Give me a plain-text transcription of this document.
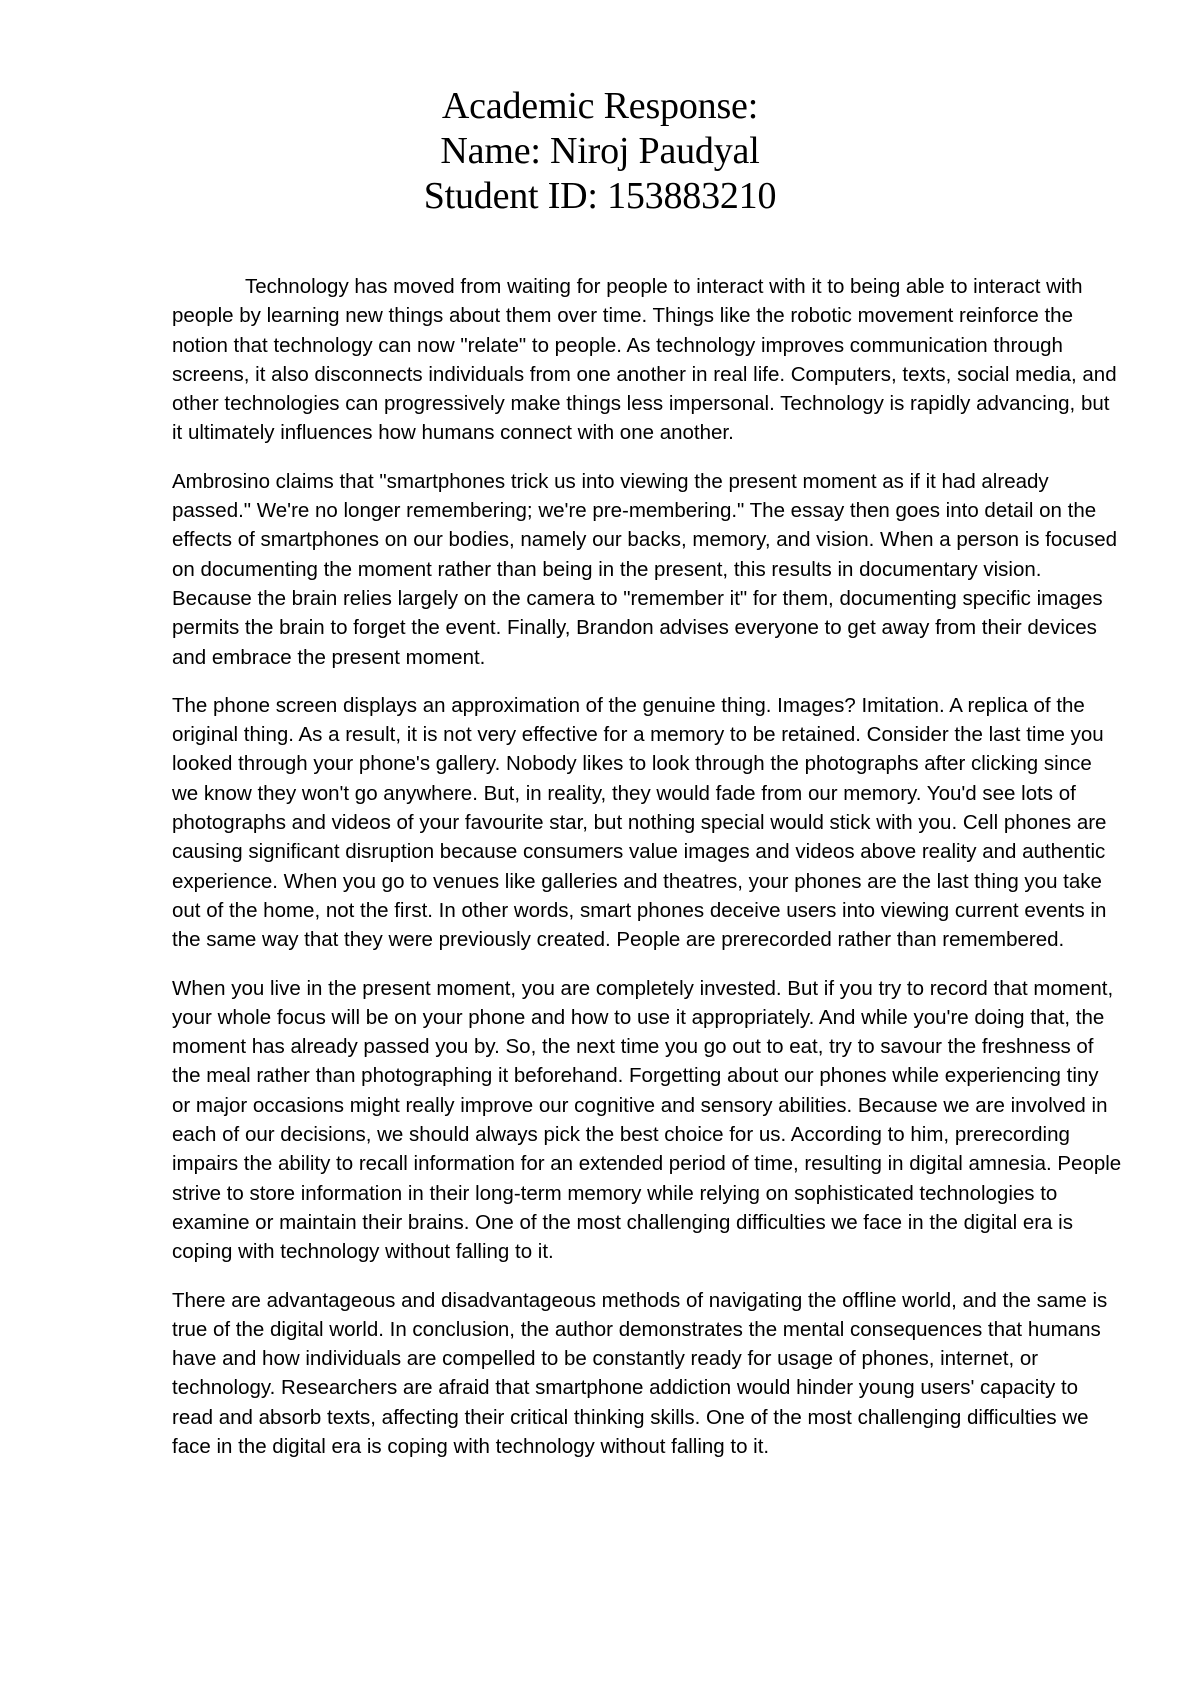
Academic Response:
Name: Niroj Paudyal
Student ID: 153883210

Technology has moved from waiting for people to interact with it to being able to interact with people by learning new things about them over time. Things like the robotic movement reinforce the notion that technology can now "relate" to people. As technology improves communication through screens, it also disconnects individuals from one another in real life. Computers, texts, social media, and other technologies can progressively make things less impersonal. Technology is rapidly advancing, but it ultimately influences how humans connect with one another.

Ambrosino claims that "smartphones trick us into viewing the present moment as if it had already passed." We're no longer remembering; we're pre-membering." The essay then goes into detail on the effects of smartphones on our bodies, namely our backs, memory, and vision. When a person is focused on documenting the moment rather than being in the present, this results in documentary vision. Because the brain relies largely on the camera to "remember it" for them, documenting specific images permits the brain to forget the event. Finally, Brandon advises everyone to get away from their devices and embrace the present moment.

The phone screen displays an approximation of the genuine thing. Images? Imitation. A replica of the original thing. As a result, it is not very effective for a memory to be retained. Consider the last time you looked through your phone's gallery. Nobody likes to look through the photographs after clicking since we know they won't go anywhere. But, in reality, they would fade from our memory. You'd see lots of photographs and videos of your favourite star, but nothing special would stick with you. Cell phones are causing significant disruption because consumers value images and videos above reality and authentic experience. When you go to venues like galleries and theatres, your phones are the last thing you take out of the home, not the first. In other words, smart phones deceive users into viewing current events in the same way that they were previously created. People are prerecorded rather than remembered.

When you live in the present moment, you are completely invested. But if you try to record that moment, your whole focus will be on your phone and how to use it appropriately. And while you're doing that, the moment has already passed you by. So, the next time you go out to eat, try to savour the freshness of the meal rather than photographing it beforehand. Forgetting about our phones while experiencing tiny or major occasions might really improve our cognitive and sensory abilities. Because we are involved in each of our decisions, we should always pick the best choice for us. According to him, prerecording impairs the ability to recall information for an extended period of time, resulting in digital amnesia. People strive to store information in their long-term memory while relying on sophisticated technologies to examine or maintain their brains. One of the most challenging difficulties we face in the digital era is coping with technology without falling to it.

There are advantageous and disadvantageous methods of navigating the offline world, and the same is true of the digital world. In conclusion, the author demonstrates the mental consequences that humans have and how individuals are compelled to be constantly ready for usage of phones, internet, or technology. Researchers are afraid that smartphone addiction would hinder young users' capacity to read and absorb texts, affecting their critical thinking skills. One of the most challenging difficulties we face in the digital era is coping with technology without falling to it.
